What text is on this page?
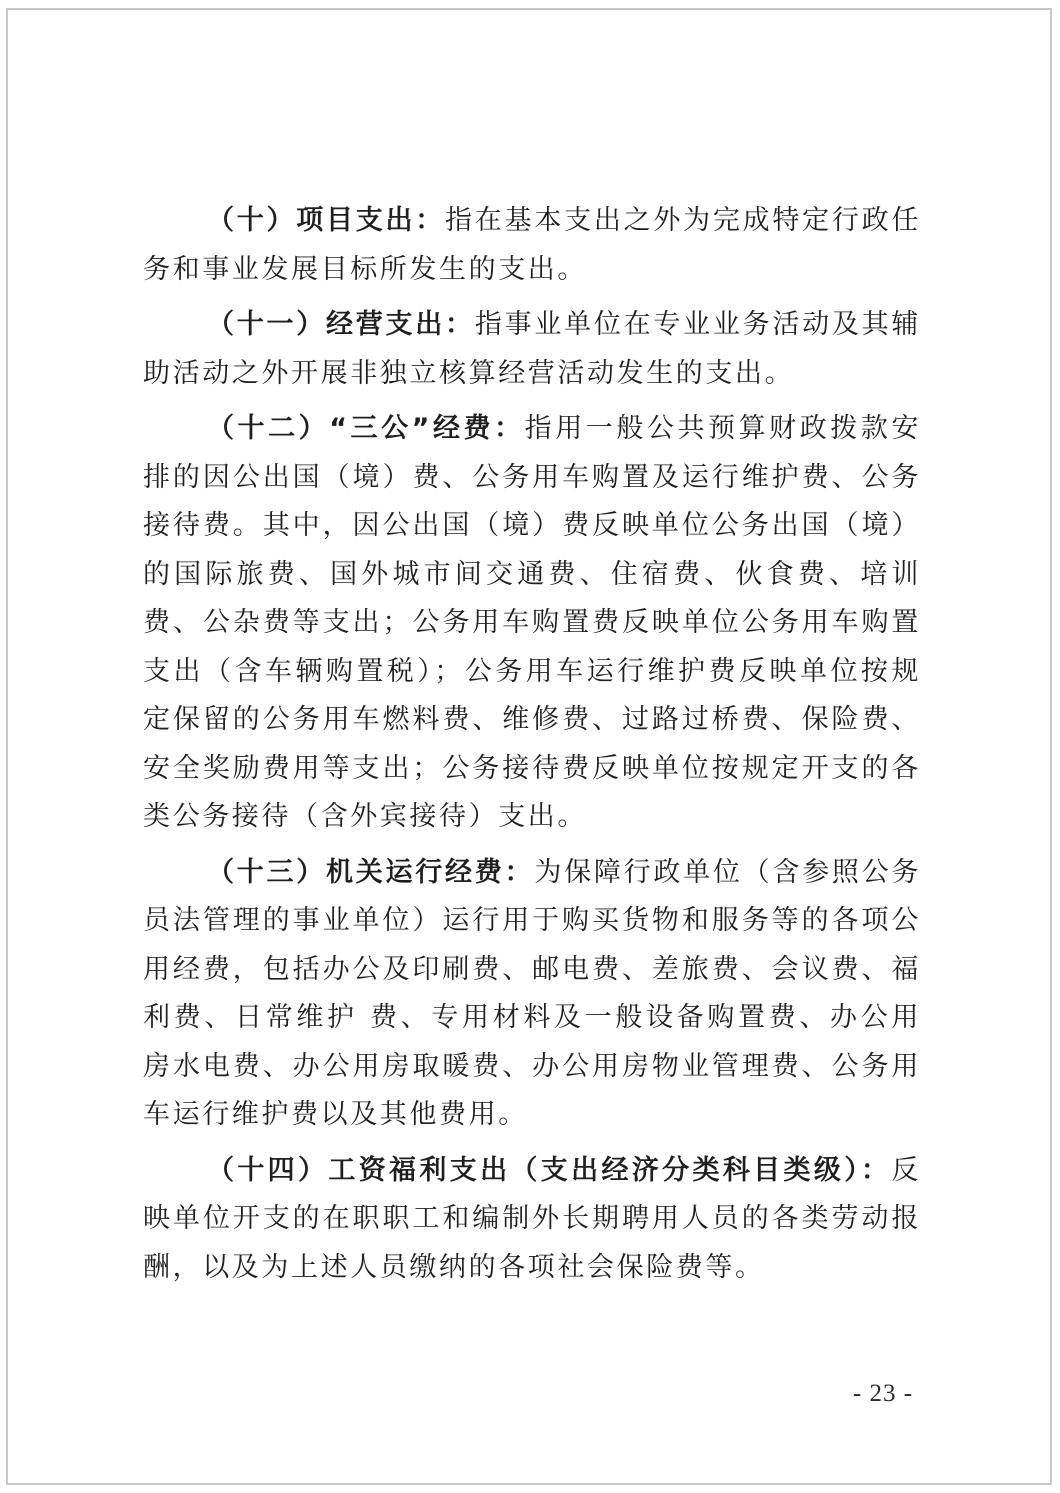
（十）项目支出：指在基本支出之外为完成特定行政任务和事业发展目标所发生的支出。

（十一）经营支出：指事业单位在专业业务活动及其辅助活动之外开展非独立核算经营活动发生的支出。

（十二）“三公”经费：指用一般公共预算财政拨款安排的因公出国（境）费、公务用车购置及运行维护费、公务接待费。其中，因公出国（境）费反映单位公务出国（境）的国际旅费、国外城市间交通费、住宿费、伙食费、培训费、公杂费等支出；公务用车购置费反映单位公务用车购置支出（含车辆购置税）；公务用车运行维护费反映单位按规定保留的公务用车燃料费、维修费、过路过桥费、保险费、安全奖励费用等支出；公务接待费反映单位按规定开支的各类公务接待（含外宾接待）支出。

（十三）机关运行经费：为保障行政单位（含参照公务员法管理的事业单位）运行用于购买货物和服务等的各项公用经费，包括办公及印刷费、邮电费、差旅费、会议费、福利费、日常维护 费、专用材料及一般设备购置费、办公用房水电费、办公用房取暖费、办公用房物业管理费、公务用车运行维护费以及其他费用。

（十四）工资福利支出（支出经济分类科目类级）：反映单位开支的在职职工和编制外长期聘用人员的各类劳动报酬，以及为上述人员缴纳的各项社会保险费等。

- 23 -
